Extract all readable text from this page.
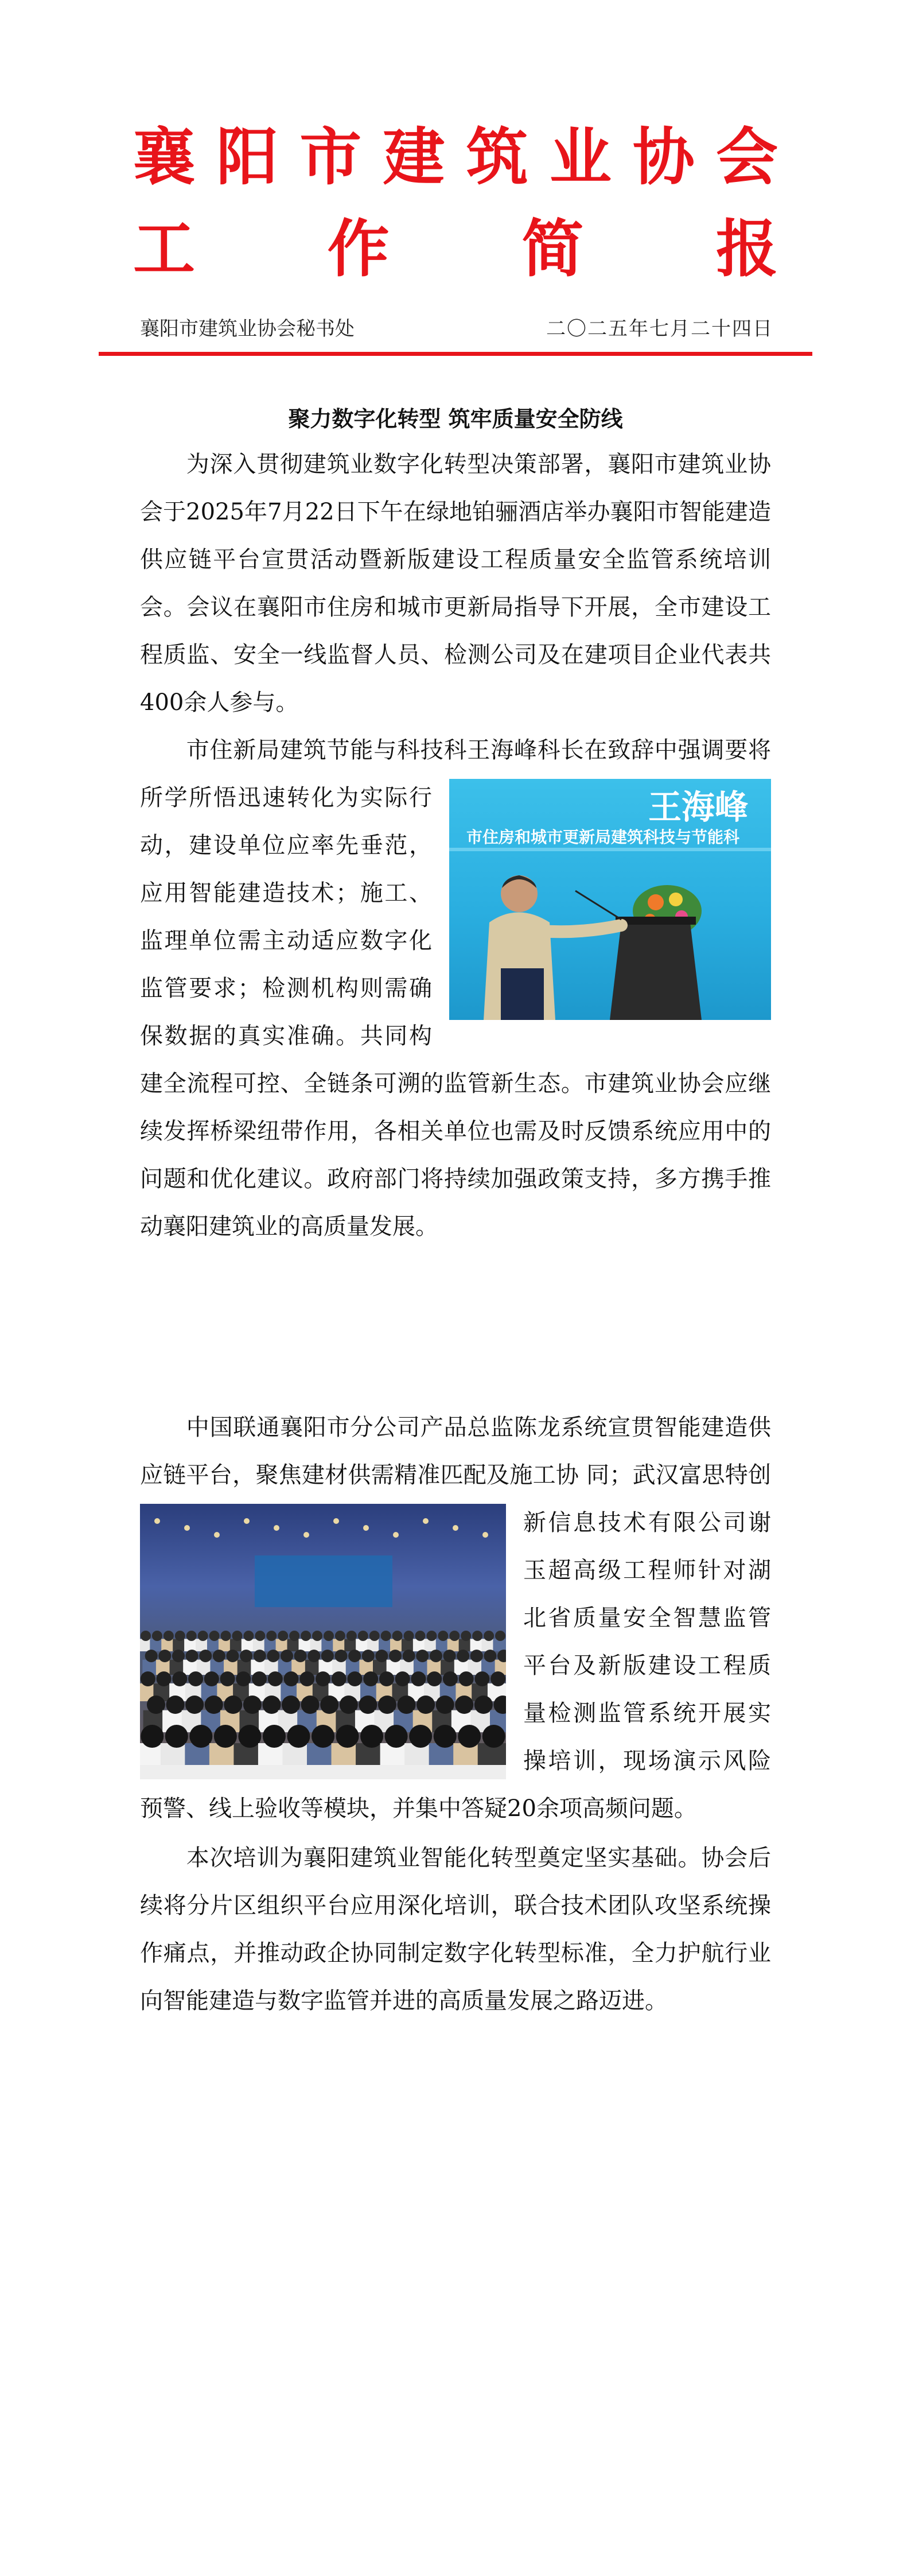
襄 阳 市 建 筑 业 协 会
工 作 简 报
襄阳市建筑业协会秘书处	二〇二五年七月二十四日
聚力数字化转型 筑牢质量安全防线

为深入贯彻建筑业数字化转型决策部署，襄阳市建筑业协会于2025年7月22日下午在绿地铂骊酒店举办襄阳市智能建造供应链平台宣贯活动暨新版建设工程质量安全监管系统培训会。会议在襄阳市住房和城市更新局指导下开展，全市建设工程质监、安全一线监督人员、检测公司及在建项目企业代表共400余人参与。

市住新局建筑节能与科技科王海峰科长在致辞中强调要将
王海峰
市住房和城市更新局建筑科技与节能科
所学所悟迅速转化为实际行动，建设单位应率先垂范，应用智能建造技术；施工、监理单位需主动适应数字化监管要求；检测机构则需确保数据的真实准确。共同构建全流程可控、全链条可溯的监管新生态。市建筑业协会应继续发挥桥梁纽带作用，各相关单位也需及时反馈系统应用中的问题和优化建议。政府部门将持续加强政策支持，多方携手推动襄阳建筑业的高质量发展。

中国联通襄阳市分公司产品总监陈龙系统宣贯智能建造供应链平台，聚焦建材供需精准匹配及施工协 同；武汉富思特创新信息技术有限公司谢玉超高级工程师针对湖北省质量安全智慧监管平台及新版建设工程质量检测监管系统开展实操培训，现场演示风险预警、线上验收等模块，并集中答疑20余项高频问题。

本次培训为襄阳建筑业智能化转型奠定坚实基础。协会后续将分片区组织平台应用深化培训，联合技术团队攻坚系统操作痛点，并推动政企协同制定数字化转型标准，全力护航行业向智能建造与数字监管并进的高质量发展之路迈进。
